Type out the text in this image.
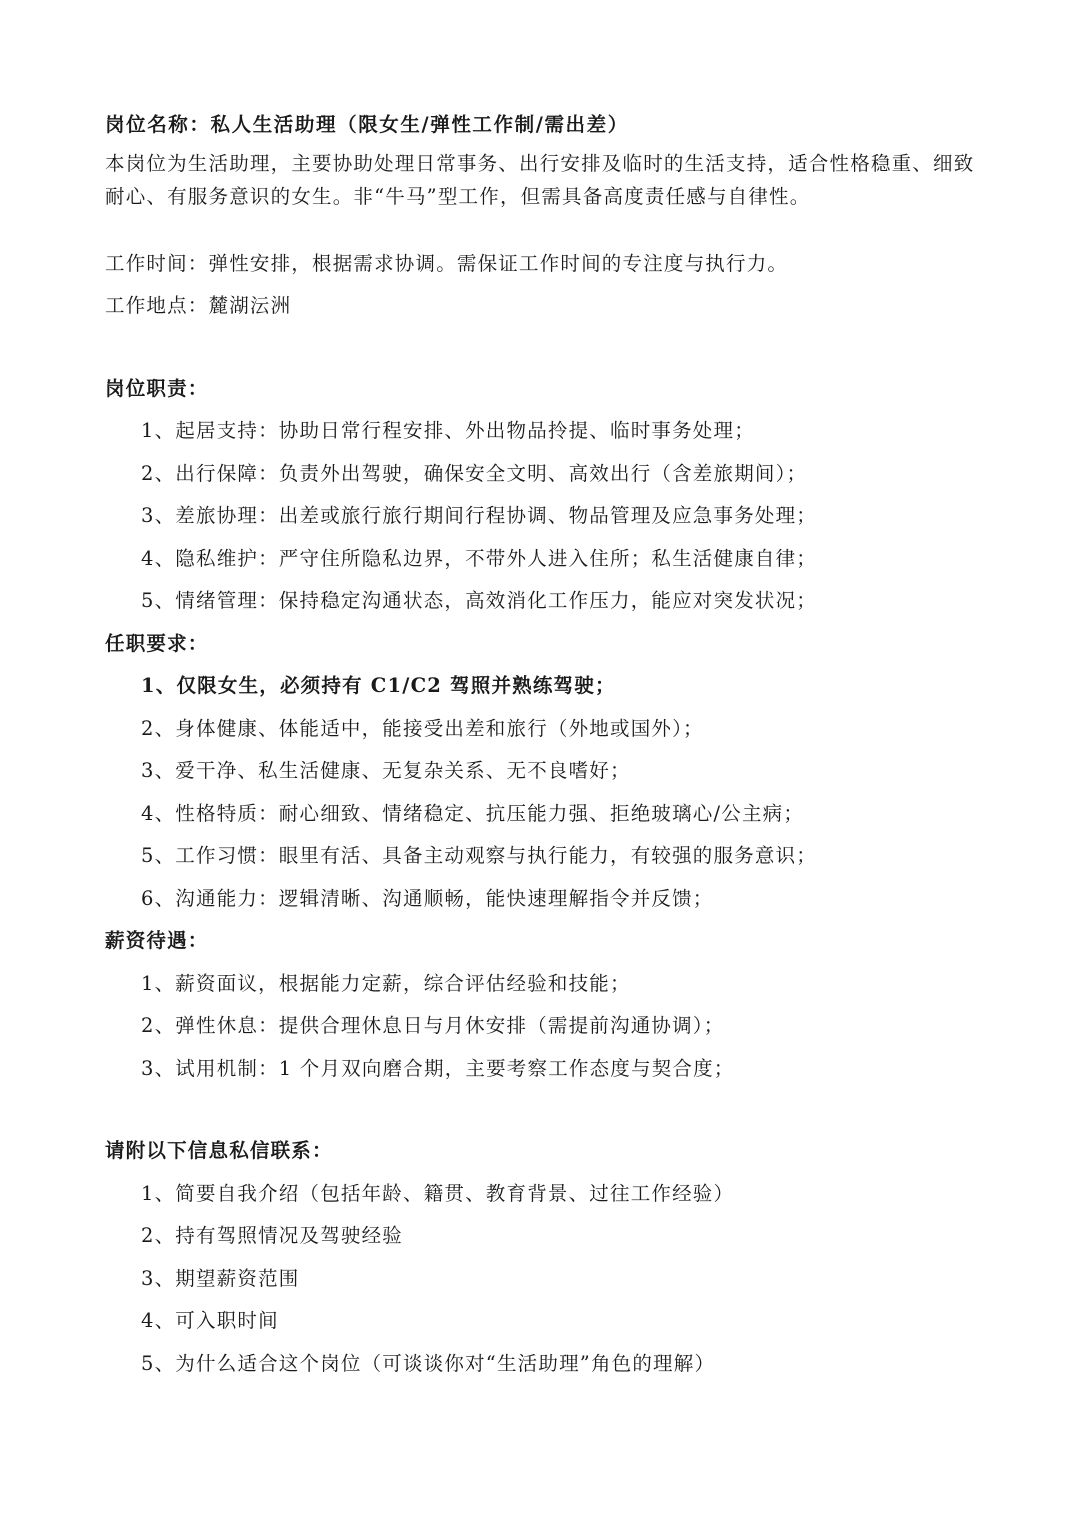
岗位名称：私人生活助理（限女生/弹性工作制/需出差）
本岗位为生活助理，主要协助处理日常事务、出行安排及临时的生活支持，适合性格稳重、细致耐心、有服务意识的女生。非“牛马”型工作，但需具备高度责任感与自律性。
工作时间：弹性安排，根据需求协调。需保证工作时间的专注度与执行力。
工作地点：麓湖沄洲
岗位职责：
1、起居支持：协助日常行程安排、外出物品拎提、临时事务处理；
2、出行保障：负责外出驾驶，确保安全文明、高效出行（含差旅期间）；
3、差旅协理：出差或旅行旅行期间行程协调、物品管理及应急事务处理；
4、隐私维护：严守住所隐私边界，不带外人进入住所；私生活健康自律；
5、情绪管理：保持稳定沟通状态，高效消化工作压力，能应对突发状况；
任职要求：
1、仅限女生，必须持有 C1/C2 驾照并熟练驾驶；
2、身体健康、体能适中，能接受出差和旅行（外地或国外）；
3、爱干净、私生活健康、无复杂关系、无不良嗜好；
4、性格特质：耐心细致、情绪稳定、抗压能力强、拒绝玻璃心/公主病；
5、工作习惯：眼里有活、具备主动观察与执行能力，有较强的服务意识；
6、沟通能力：逻辑清晰、沟通顺畅，能快速理解指令并反馈；
薪资待遇：
1、薪资面议，根据能力定薪，综合评估经验和技能；
2、弹性休息：提供合理休息日与月休安排（需提前沟通协调）；
3、试用机制：1 个月双向磨合期，主要考察工作态度与契合度；
请附以下信息私信联系：
1、简要自我介绍（包括年龄、籍贯、教育背景、过往工作经验）
2、持有驾照情况及驾驶经验
3、期望薪资范围
4、可入职时间
5、为什么适合这个岗位（可谈谈你对“生活助理”角色的理解）
